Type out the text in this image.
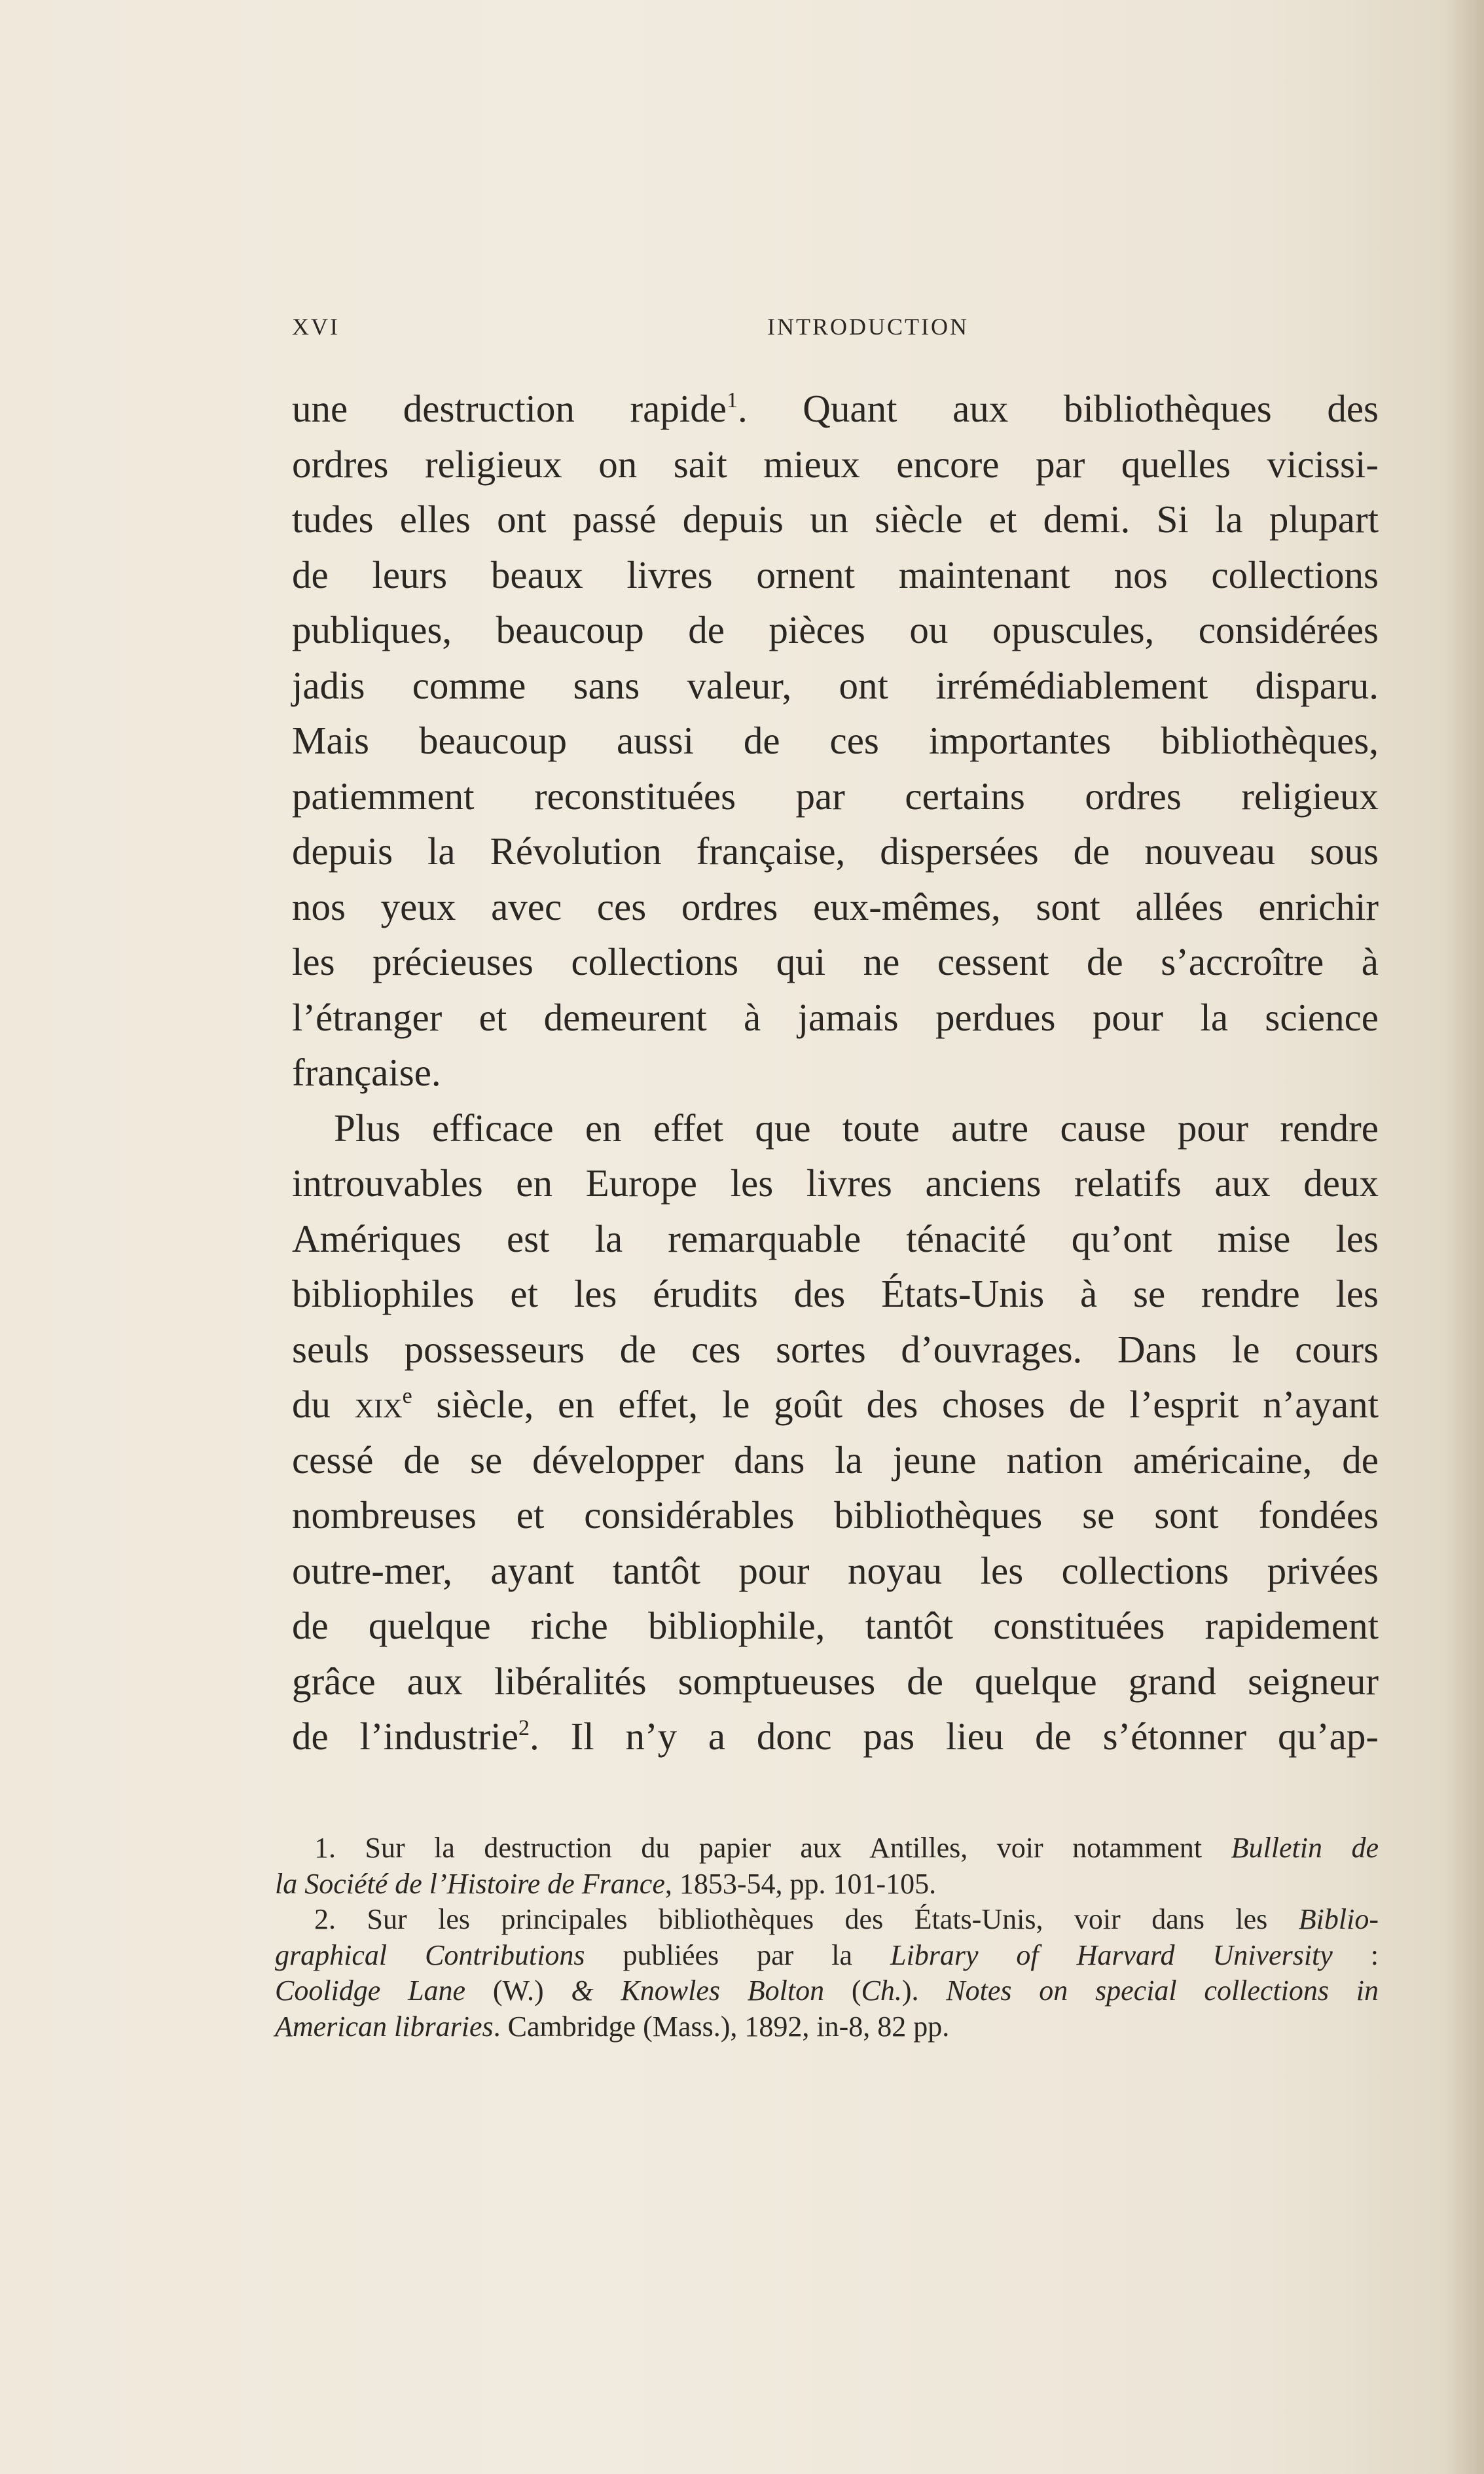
XVI	INTRODUCTION
une destruction rapide$^1$. Quant aux bibliothèques des
ordres religieux on sait mieux encore par quelles vicissi-
tudes elles ont passé depuis un siècle et demi. Si la plupart
de leurs beaux livres ornent maintenant nos collections
publiques, beaucoup de pièces ou opuscules, considérées
jadis comme sans valeur, ont irrémédiablement disparu.
Mais beaucoup aussi de ces importantes bibliothèques,
patiemment reconstituées par certains ordres religieux
depuis la Révolution française, dispersées de nouveau sous
nos yeux avec ces ordres eux-mêmes, sont allées enrichir
les précieuses collections qui ne cessent de s’accroître à
l’étranger et demeurent à jamais perdues pour la science
française.
Plus efficace en effet que toute autre cause pour rendre
introuvables en Europe les livres anciens relatifs aux deux
Amériques est la remarquable ténacité qu’ont mise les
bibliophiles et les érudits des États-Unis à se rendre les
seuls possesseurs de ces sortes d’ouvrages. Dans le cours
du xix$^e$ siècle, en effet, le goût des choses de l’esprit n’ayant
cessé de se développer dans la jeune nation américaine, de
nombreuses et considérables bibliothèques se sont fondées
outre-mer, ayant tantôt pour noyau les collections privées
de quelque riche bibliophile, tantôt constituées rapidement
grâce aux libéralités somptueuses de quelque grand seigneur
de l’industrie$^2$. Il n’y a donc pas lieu de s’étonner qu’ap-
1. Sur la destruction du papier aux Antilles, voir notamment Bulletin de
la Société de l’Histoire de France, 1853-54, pp. 101-105.
2. Sur les principales bibliothèques des États-Unis, voir dans les Biblio-
graphical Contributions publiées par la Library of Harvard University :
Coolidge Lane (W.) & Knowles Bolton (Ch.). Notes on special collections in
American libraries. Cambridge (Mass.), 1892, in-8, 82 pp.
